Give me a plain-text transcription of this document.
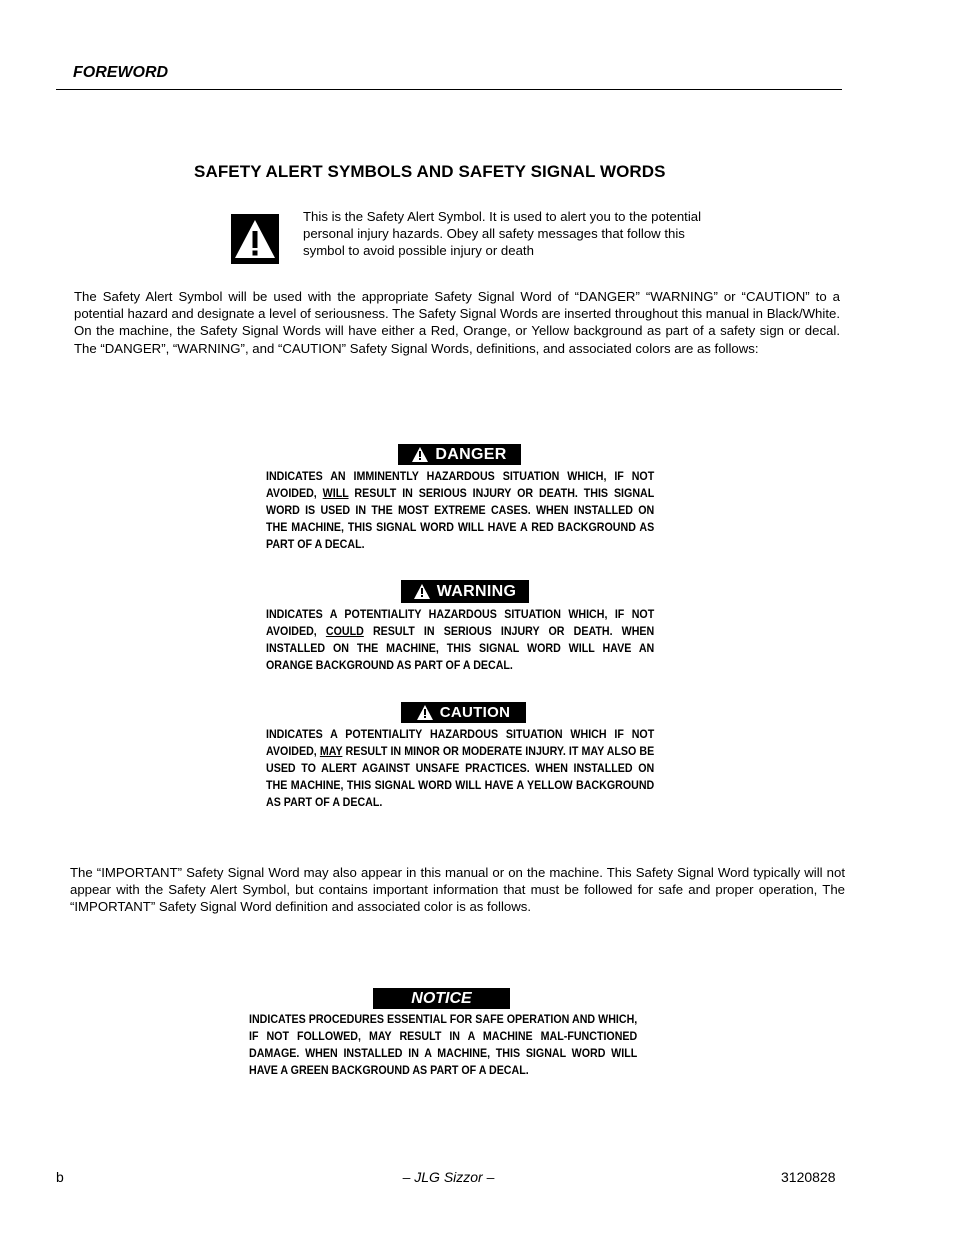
FOREWORD
SAFETY ALERT SYMBOLS AND SAFETY SIGNAL WORDS
This is the Safety Alert Symbol. It is used to alert you to the potential personal injury hazards. Obey all safety messages that follow this symbol to avoid possible injury or death
The Safety Alert Symbol will be used with the appropriate Safety Signal Word of “DANGER” “WARNING” or “CAUTION” to a potential hazard and designate a level of seriousness. The Safety Signal Words are inserted throughout this manual in Black/White. On the machine, the Safety Signal Words will have either a Red, Orange, or Yellow background as part of a safety sign or decal. The “DANGER”, “WARNING”, and “CAUTION” Safety Signal Words, definitions, and associated colors are as follows:
DANGER
INDICATES AN IMMINENTLY HAZARDOUS SITUATION WHICH, IF NOT AVOIDED, WILL RESULT IN SERIOUS INJURY OR DEATH. THIS SIGNAL WORD IS USED IN THE MOST EXTREME CASES. WHEN INSTALLED ON THE MACHINE, THIS SIGNAL WORD WILL HAVE A RED BACKGROUND AS PART OF A DECAL.
WARNING
INDICATES A POTENTIALITY HAZARDOUS SITUATION WHICH, IF NOT AVOIDED, COULD RESULT IN SERIOUS INJURY OR DEATH. WHEN INSTALLED ON THE MACHINE, THIS SIGNAL WORD WILL HAVE AN ORANGE BACKGROUND AS PART OF A DECAL.
CAUTION
INDICATES A POTENTIALITY HAZARDOUS SITUATION WHICH IF NOT AVOIDED, MAY RESULT IN MINOR OR MODERATE INJURY. IT MAY ALSO BE USED TO ALERT AGAINST UNSAFE PRACTICES. WHEN INSTALLED ON THE MACHINE, THIS SIGNAL WORD WILL HAVE A YELLOW BACKGROUND AS PART OF A DECAL.
The “IMPORTANT” Safety Signal Word may also appear in this manual or on the machine. This Safety Signal Word typically will not appear with the Safety Alert Symbol, but contains important information that must be followed for safe and proper operation, The “IMPORTANT” Safety Signal Word definition and associated color is as follows.
NOTICE
INDICATES PROCEDURES ESSENTIAL FOR SAFE OPERATION AND WHICH, IF NOT FOLLOWED, MAY RESULT IN A MACHINE MAL-FUNCTIONED DAMAGE. WHEN INSTALLED IN A MACHINE, THIS SIGNAL WORD WILL HAVE A GREEN BACKGROUND AS PART OF A DECAL.
b	– JLG Sizzor –	3120828
